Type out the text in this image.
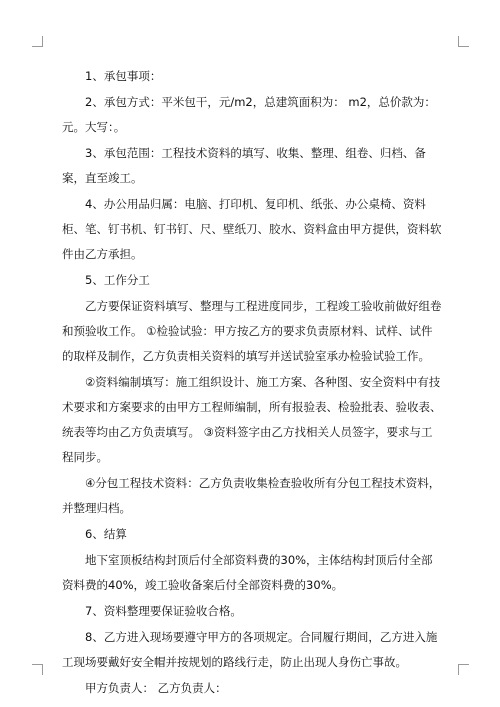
1、承包事项：

2、承包方式：平米包干，元/m2，总建筑面积为： m2，总价款为： 元。大写：。

3、承包范围：工程技术资料的填写、收集、整理、组卷、归档、备案，直至竣工。

4、办公用品归属：电脑、打印机、复印机、纸张、办公桌椅、资料柜、笔、钉书机、钉书钉、尺、壁纸刀、胶水、资料盒由甲方提供，资料软件由乙方承担。

5、工作分工

乙方要保证资料填写、整理与工程进度同步，工程竣工验收前做好组卷和预验收工作。 ①检验试验：甲方按乙方的要求负责原材料、试样、试件的取样及制作，乙方负责相关资料的填写并送试验室承办检验试验工作。

②资料编制填写：施工组织设计、施工方案、各种图、安全资料中有技术要求和方案要求的由甲方工程师编制，所有报验表、检验批表、验收表、统表等均由乙方负责填写。 ③资料签字由乙方找相关人员签字，要求与工程同步。

④分包工程技术资料：乙方负责收集检查验收所有分包工程技术资料，并整理归档。

6、结算

地下室顶板结构封顶后付全部资料费的30%，主体结构封顶后付全部资料费的40%，竣工验收备案后付全部资料费的30%。

7、资料整理要保证验收合格。

8、乙方进入现场要遵守甲方的各项规定。合同履行期间，乙方进入施工现场要戴好安全帽并按规划的路线行走，防止出现人身伤亡事故。

甲方负责人： 乙方负责人：
